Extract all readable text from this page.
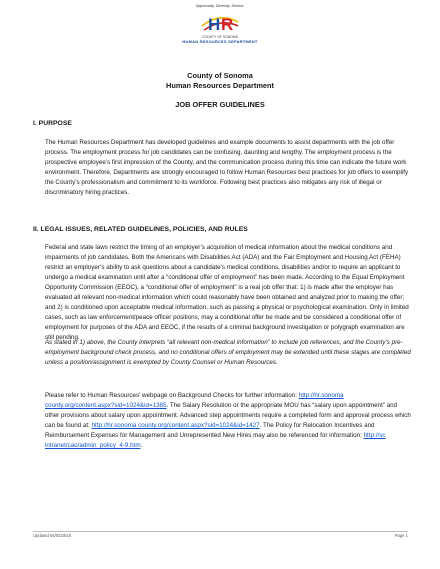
Opportunity. Diversity. Service.
H R
COUNTY OF SONOMA
HUMAN RESOURCES DEPARTMENT
County of Sonoma
Human Resources Department
JOB OFFER GUIDELINES
I. PURPOSE
The Human Resources Department has developed guidelines and example documents to assist departments with the job offer process. The employment process for job candidates can be confusing, daunting and lengthy. The employment process is the prospective employee’s first impression of the County, and the communication process during this time can indicate the future work environment. Therefore, Departments are strongly encouraged to follow Human Resources best practices for job offers to exemplify the County’s professionalism and commitment to its workforce. Following best practices also mitigates any risk of illegal or discriminatory hiring practices.
II. LEGAL ISSUES, RELATED GUIDELINES, POLICIES, AND RULES
Federal and state laws restrict the timing of an employer’s acquisition of medical information about the medical conditions and impairments of job candidates. Both the Americans with Disabilities Act (ADA) and the Fair Employment and Housing Act (FEHA) restrict an employer’s ability to ask questions about a candidate’s medical conditions, disabilities and/or to require an applicant to undergo a medical examination until after a “conditional offer of employment” has been made. According to the Equal Employment Opportunity Commission (EEOC), a “conditional offer of employment” is a real job offer that: 1) is made after the employer has evaluated all relevant non-medical information which could reasonably have been obtained and analyzed prior to making the offer; and 2) is conditioned upon acceptable medical information, such as passing a physical or psychological examination. Only in limited cases, such as law enforcement/peace officer positions, may a conditional offer be made and be considered a conditional offer of employment for purposes of the ADA and EEOC, if the results of a criminal background investigation or polygraph examination are still pending.
As stated in 1) above, the County interprets “all relevant non-medical information” to include job references, and the County’s pre-employment background check process, and no conditional offers of employment may be extended until these stages are completed unless a position/assignment is exempted by County Counsel or Human Resources.
Please refer to Human Resources’ webpage on Background Checks for further information: http://hr.sonoma county.org/content.aspx?sid=1024&id=1385. The Salary Resolution or the appropriate MOU has “salary upon appointment” and other provisions about salary upon appointment. Advanced step appointments require a completed form and approval process which can be found at: http://hr.sonoma county.org/content.aspx?sid=1024&id=1427. The Policy for Relocation Incentives and Reimbursement Expenses for Management and Unrepresented New Hires may also be referenced for information: http://sc intranet/cao/admin_policy_4-9.htm.
Updated 05/03/2016	Page 1
